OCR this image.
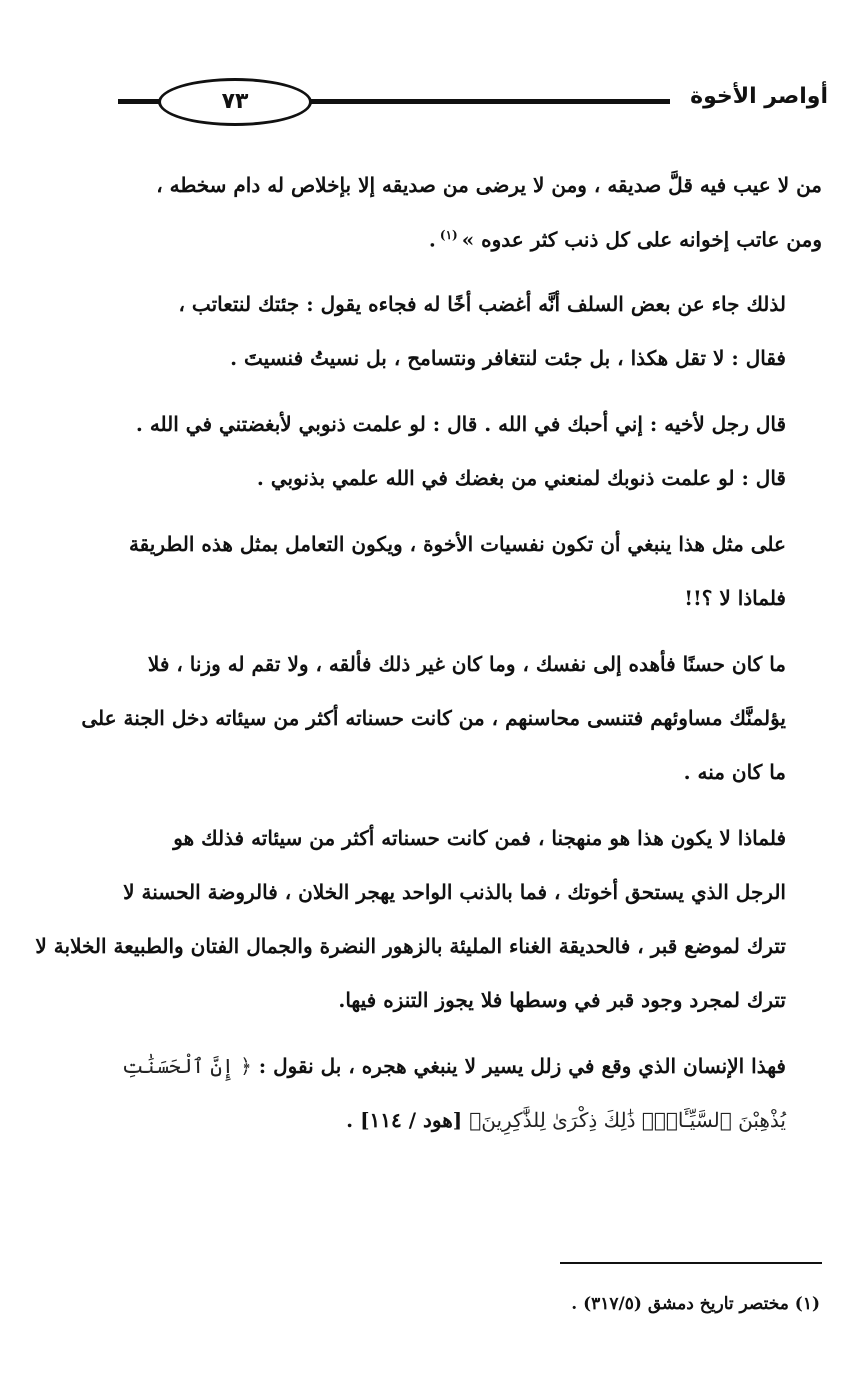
٧٣	أواصر الأخوة

من لا عيب فيه قلَّ صديقه ، ومن لا يرضى من صديقه إلا بإخلاص له دام سخطه ،
ومن عاتب إخوانه على كل ذنب كثر عدوه »$^{(١)}$.

لذلك جاء عن بعض السلف أنَّه أغضب أخًا له فجاءه يقول : جئتك لنتعاتب ،
فقال : لا تقل هكذا ، بل جئت لنتغافر ونتسامح ، بل نسيتُ فنسيتَ .

قال رجل لأخيه : إني أحبك في الله . قال : لو علمت ذنوبي لأبغضتني في الله .
قال : لو علمت ذنوبك لمنعني من بغضك في الله علمي بذنوبي .

على مثل هذا ينبغي أن تكون نفسيات الأخوة ، ويكون التعامل بمثل هذه الطريقة
فلماذا لا ؟!!

ما كان حسنًا فأهده إلى نفسك ، وما كان غير ذلك فألقه ، ولا تقم له وزنا ، فلا
يؤلمنَّك مساوئهم فتنسى محاسنهم ، من كانت حسناته أكثر من سيئاته دخل الجنة على
ما كان منه .

فلماذا لا يكون هذا هو منهجنا ، فمن كانت حسناته أكثر من سيئاته فذلك هو
الرجل الذي يستحق أخوتك ، فما بالذنب الواحد يهجر الخلان ، فالروضة الحسنة لا
تترك لموضع قبر ، فالحديقة الغناء المليئة بالزهور النضرة والجمال الفتان والطبيعة الخلابة لا
تترك لمجرد وجود قبر في وسطها فلا يجوز التنزه فيها.

فهذا الإنسان الذي وقع في زلل يسير لا ينبغي هجره ، بل نقول : ﴿ إِنَّ ٱلْحَسَنَٰتِ
يُذْهِبْنَ ٱلسَّيِّـَٔاتِۚ ذَٰلِكَ ذِكْرَىٰ لِلذَّٰكِرِينَ﴾ [هود / ١١٤] .

(١) مختصر تاريخ دمشق (٣١٧/٥) .
